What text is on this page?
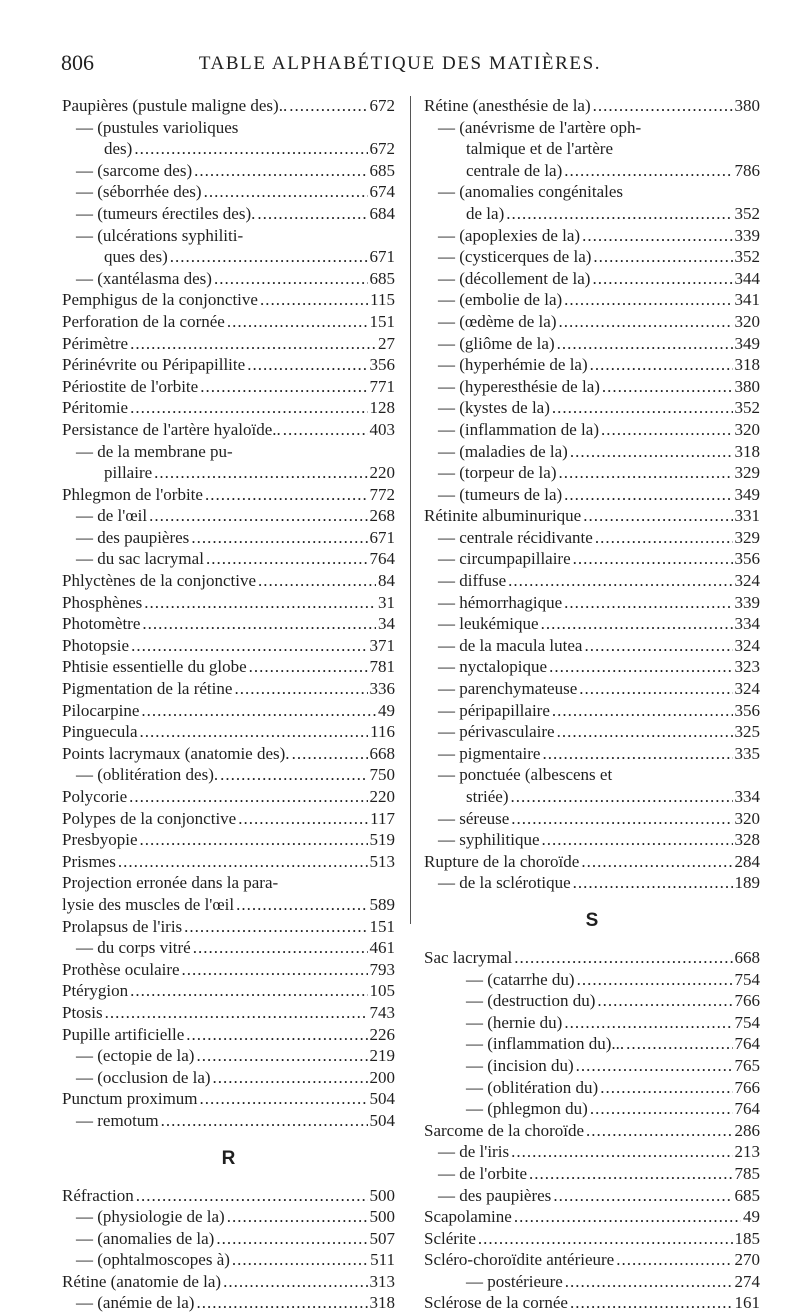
806	TABLE ALPHABÉTIQUE DES MATIÈRES.
Paupières (pustule maligne des).. .....	672
— (pustules varioliques
des) .....	672
— (sarcome des) .....	685
— (séborrhée des) .....	674
— (tumeurs érectiles des). .....	684
— (ulcérations syphiliti-
ques des) .....	671
— (xantélasma des) .....	685
Pemphigus de la conjonctive .....	115
Perforation de la cornée .....	151
Périmètre .....	27
Périnévrite ou Péripapillite .....	356
Périostite de l'orbite .....	771
Péritomie .....	128
Persistance de l'artère hyaloïde.. .....	403
— de la membrane pu-
pillaire .....	220
Phlegmon de l'orbite .....	772
— de l'œil .....	268
— des paupières .....	671
— du sac lacrymal .....	764
Phlyctènes de la conjonctive .....	84
Phosphènes .....	31
Photomètre .....	34
Photopsie .....	371
Phtisie essentielle du globe .....	781
Pigmentation de la rétine .....	336
Pilocarpine .....	49
Pinguecula .....	116
Points lacrymaux (anatomie des). .....	668
— (oblitération des). .....	750
Polycorie .....	220
Polypes de la conjonctive .....	117
Presbyopie .....	519
Prismes .....	513
Projection erronée dans la para-
lysie des muscles de l'œil .....	589
Prolapsus de l'iris .....	151
— du corps vitré .....	461
Prothèse oculaire .....	793
Ptérygion .....	105
Ptosis .....	743
Pupille artificielle .....	226
— (ectopie de la) .....	219
— (occlusion de la) .....	200
Punctum proximum .....	504
— remotum .....	504
R
Réfraction .....	500
— (physiologie de la) .....	500
— (anomalies de la) .....	507
— (ophtalmoscopes à) .....	511
Rétine (anatomie de la) .....	313
— (anémie de la) .....	318
Rétine (anesthésie de la) .....	380
— (anévrisme de l'artère oph-
talmique et de l'artère
centrale de la) .....	786
— (anomalies congénitales
de la) .....	352
— (apoplexies de la) .....	339
— (cysticerques de la) .....	352
— (décollement de la) .....	344
— (embolie de la) .....	341
— (œdème de la) .....	320
— (gliôme de la) .....	349
— (hyperhémie de la) .....	318
— (hyperesthésie de la) .....	380
— (kystes de la) .....	352
— (inflammation de la) .....	320
— (maladies de la) .....	318
— (torpeur de la) .....	329
— (tumeurs de la) .....	349
Rétinite albuminurique .....	331
— centrale récidivante .....	329
— circumpapillaire .....	356
— diffuse .....	324
— hémorrhagique .....	339
— leukémique .....	334
— de la macula lutea .....	324
— nyctalopique .....	323
— parenchymateuse .....	324
— péripapillaire .....	356
— périvasculaire .....	325
— pigmentaire .....	335
— ponctuée (albescens et
striée) .....	334
— séreuse .....	320
— syphilitique .....	328
Rupture de la choroïde .....	284
— de la sclérotique .....	189
S
Sac lacrymal .....	668
— (catarrhe du) .....	754
— (destruction du) .....	766
— (hernie du) .....	754
— (inflammation du)... .....	764
— (incision du) .....	765
— (oblitération du) .....	766
— (phlegmon du) .....	764
Sarcome de la choroïde .....	286
— de l'iris .....	213
— de l'orbite .....	785
— des paupières .....	685
Scapolamine .....	49
Sclérite .....	185
Scléro-choroïdite antérieure .....	270
— postérieure .....	274
Sclérose de la cornée .....	161
